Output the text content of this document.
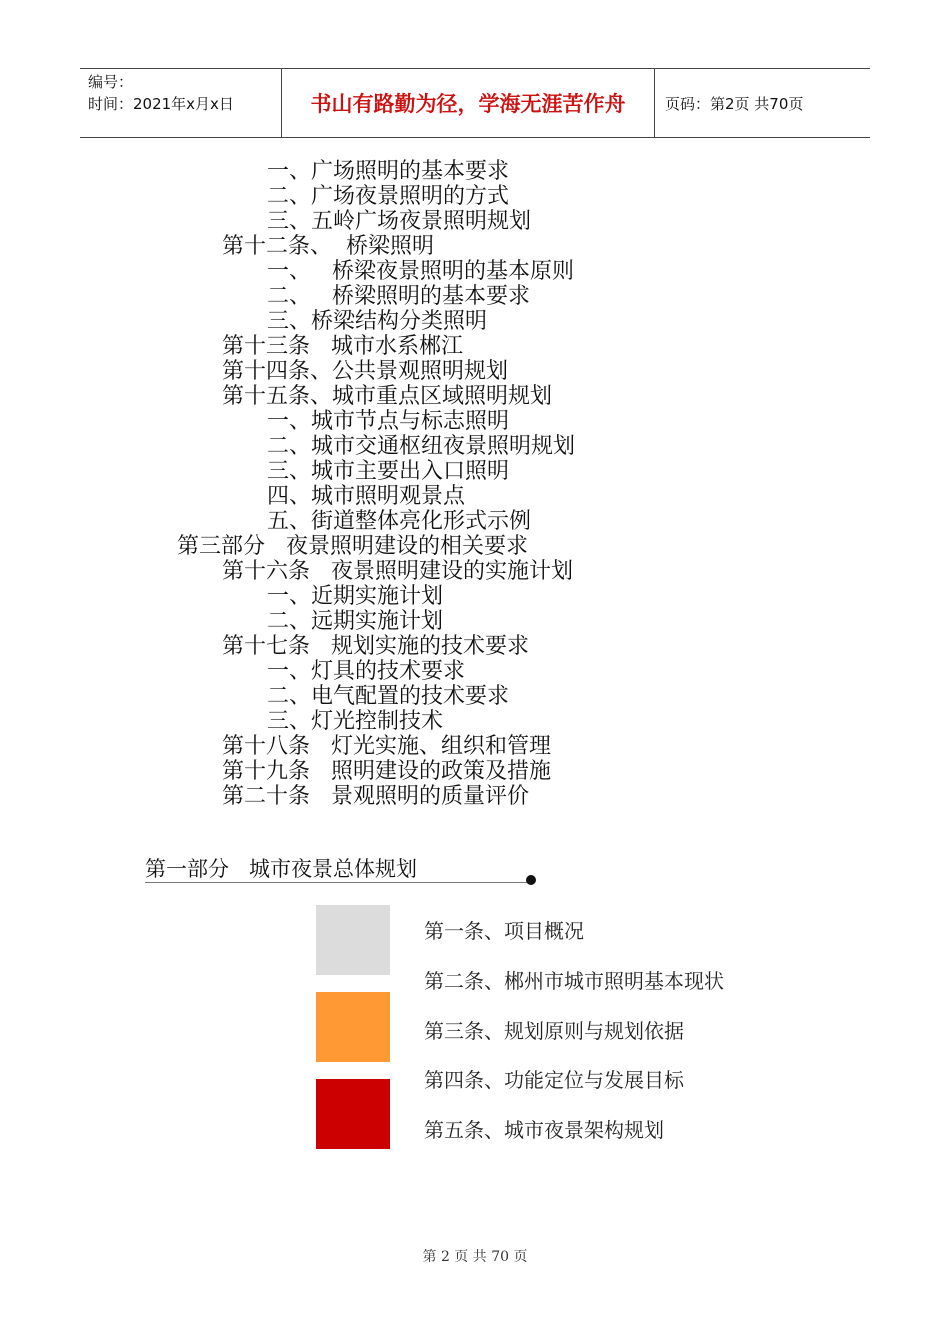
编号：
时间：2021年x月x日	书山有路勤为径，学海无涯苦作舟	页码：第2页 共70页
一、广场照明的基本要求
二、广场夜景照明的方式
三、五岭广场夜景照明规划
第十二条、  桥梁照明
一、   桥梁夜景照明的基本原则
二、   桥梁照明的基本要求
三、桥梁结构分类照明
第十三条   城市水系郴江
第十四条、公共景观照明规划
第十五条、城市重点区域照明规划
一、城市节点与标志照明
二、城市交通枢纽夜景照明规划
三、城市主要出入口照明
四、城市照明观景点
五、街道整体亮化形式示例
第三部分   夜景照明建设的相关要求
第十六条   夜景照明建设的实施计划
一、近期实施计划
二、远期实施计划
第十七条   规划实施的技术要求
一、灯具的技术要求
二、电气配置的技术要求
三、灯光控制技术
第十八条   灯光实施、组织和管理
第十九条   照明建设的政策及措施
第二十条   景观照明的质量评价
第一部分   城市夜景总体规划
第一条、项目概况
第二条、郴州市城市照明基本现状
第三条、规划原则与规划依据
第四条、功能定位与发展目标
第五条、城市夜景架构规划
第 2 页 共 70 页
